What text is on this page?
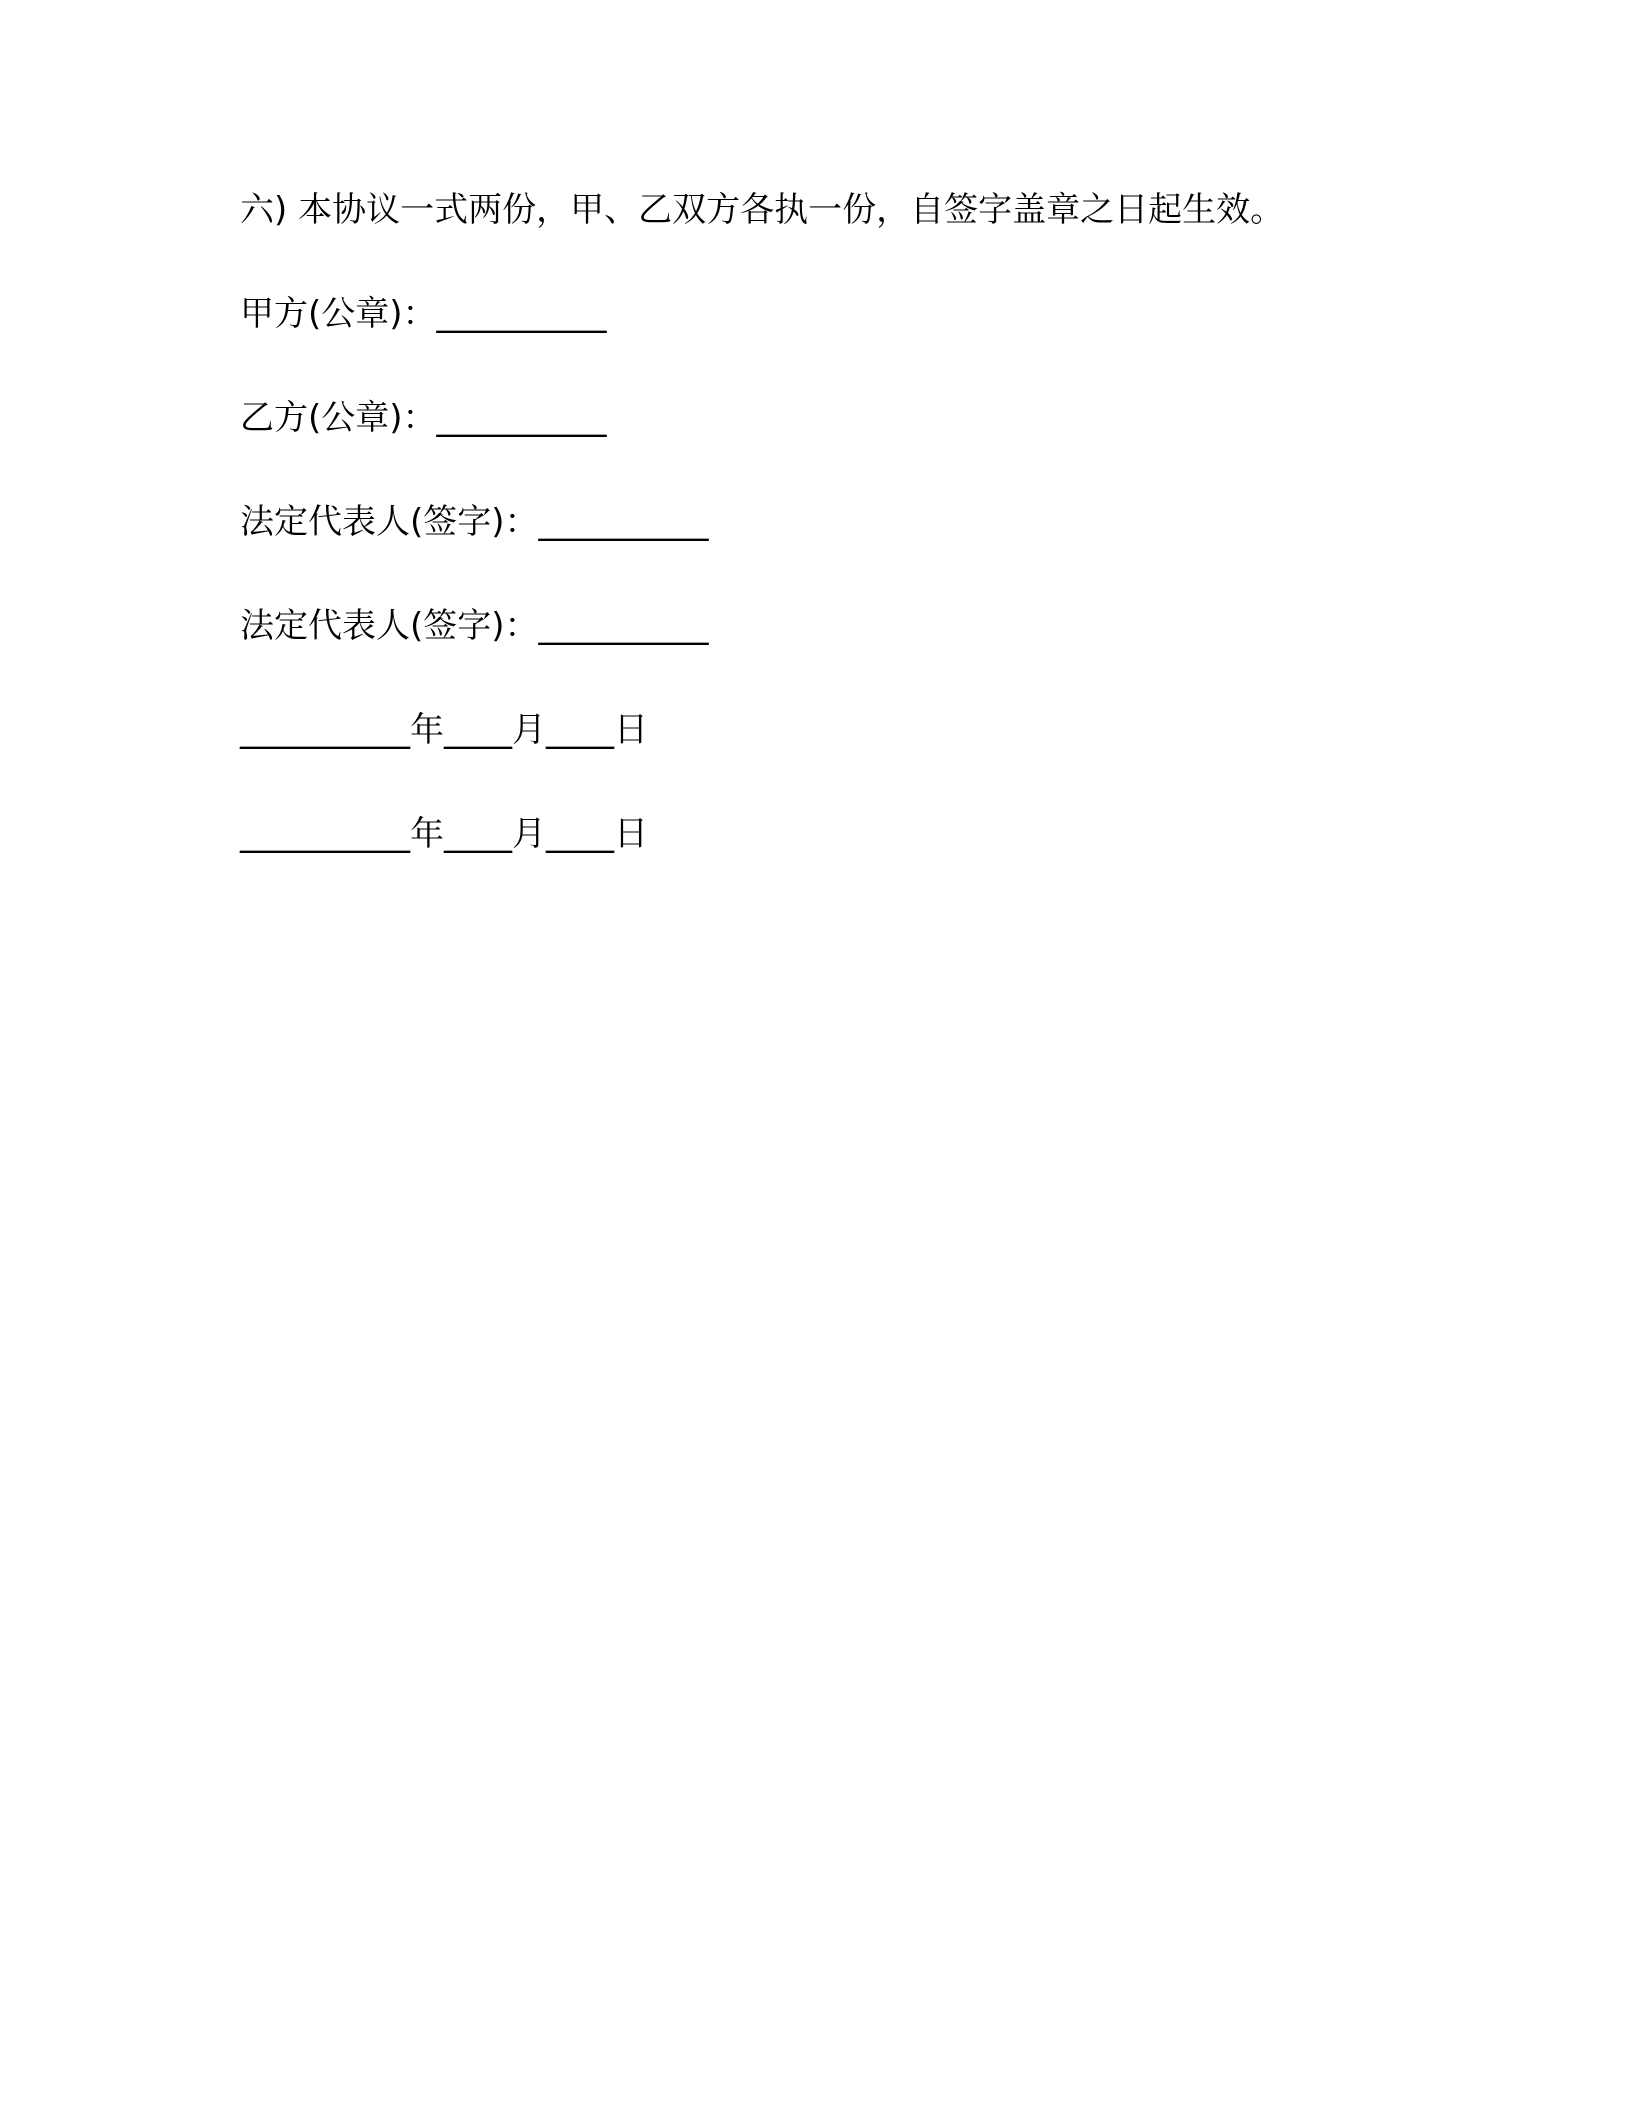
六) 本协议一式两份，甲、乙双方各执一份，自签字盖章之日起生效。
甲方(公章)：__________
乙方(公章)：__________
法定代表人(签字)：__________
法定代表人(签字)：__________
__________年____月____日
__________年____月____日
